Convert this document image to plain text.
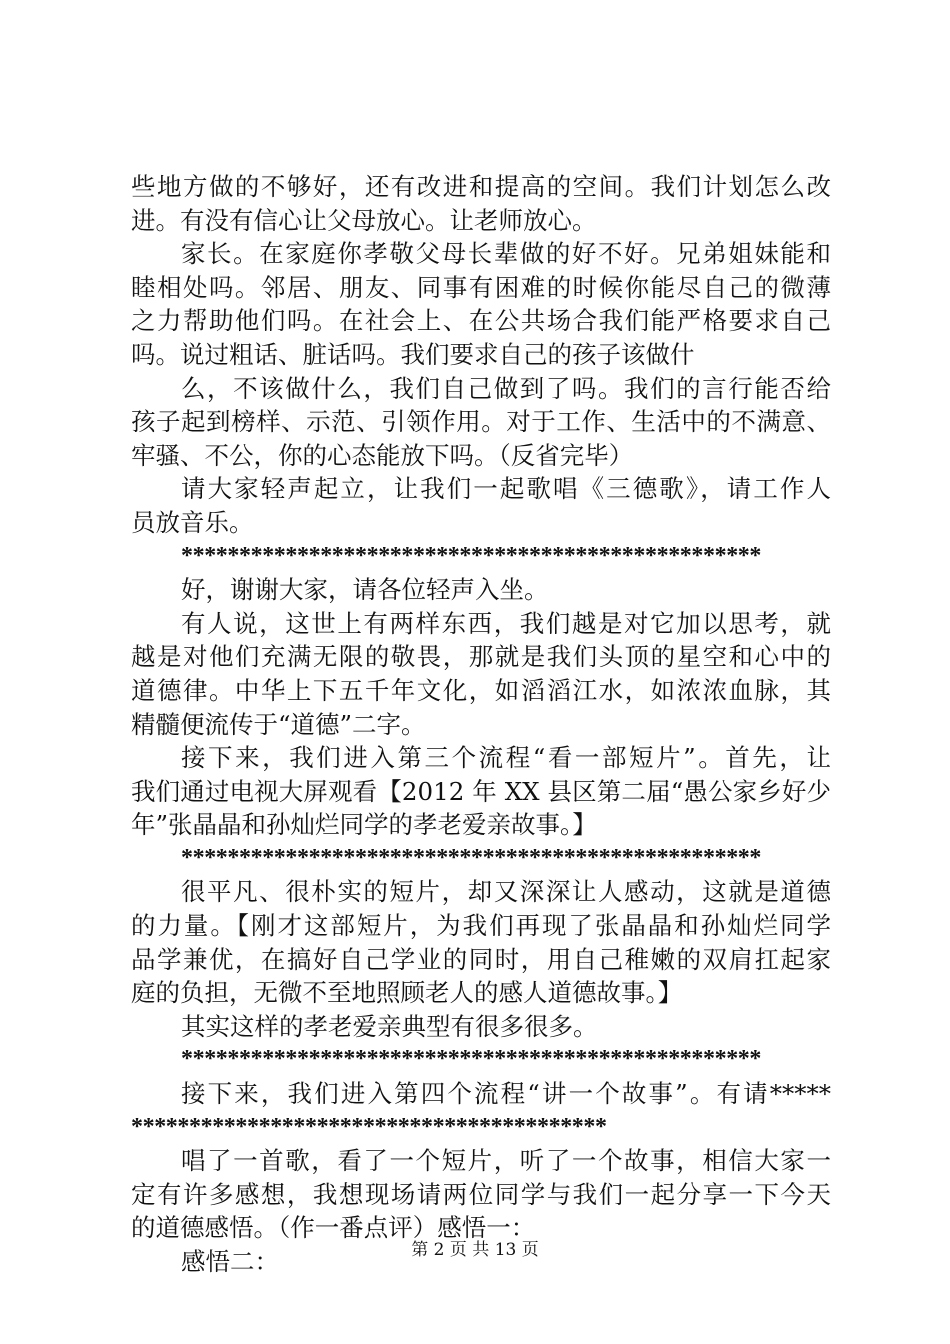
些地方做的不够好，还有改进和提高的空间。我们计划怎么改
进。有没有信心让父母放心。让老师放心。
家长。在家庭你孝敬父母长辈做的好不好。兄弟姐妹能和
睦相处吗。邻居、朋友、同事有困难的时候你能尽自己的微薄
之力帮助他们吗。在社会上、在公共场合我们能严格要求自己
吗。说过粗话、脏话吗。我们要求自己的孩子该做什
么，不该做什么，我们自己做到了吗。我们的言行能否给
孩子起到榜样、示范、引领作用。对于工作、生活中的不满意、
牢骚、不公，你的心态能放下吗。（反省完毕）
请大家轻声起立，让我们一起歌唱《三德歌》，请工作人
员放音乐。
**************************************************
好，谢谢大家，请各位轻声入坐。
有人说，这世上有两样东西，我们越是对它加以思考，就
越是对他们充满无限的敬畏，那就是我们头顶的星空和心中的
道德律。中华上下五千年文化，如滔滔江水，如浓浓血脉，其
精髓便流传于“道德”二字。
接下来，我们进入第三个流程“看一部短片”。首先，让
我们通过电视大屏观看【2012 年 XX 县区第二届“愚公家乡好少
年”张晶晶和孙灿烂同学的孝老爱亲故事。】
**************************************************
很平凡、很朴实的短片，却又深深让人感动，这就是道德
的力量。【刚才这部短片，为我们再现了张晶晶和孙灿烂同学
品学兼优，在搞好自己学业的同时，用自己稚嫩的双肩扛起家
庭的负担，无微不至地照顾老人的感人道德故事。】
其实这样的孝老爱亲典型有很多很多。
**************************************************
接下来，我们进入第四个流程“讲一个故事”。有请*****
*****************************************
唱了一首歌，看了一个短片，听了一个故事，相信大家一
定有许多感想，我想现场请两位同学与我们一起分享一下今天
的道德感悟。（作一番点评）感悟一：
感悟二：	第 2 页 共 13 页
